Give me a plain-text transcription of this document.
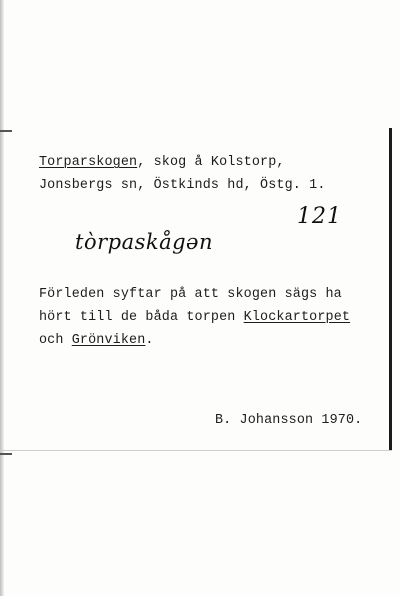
Torparskogen, skog å Kolstorp,
Jonsbergs sn, Östkinds hd, Östg. 1.
121
tòrpaskågən
Förleden syftar på att skogen sägs ha
hört till de båda torpen Klockartorpet
och Grönviken.
B. Johansson 1970.
